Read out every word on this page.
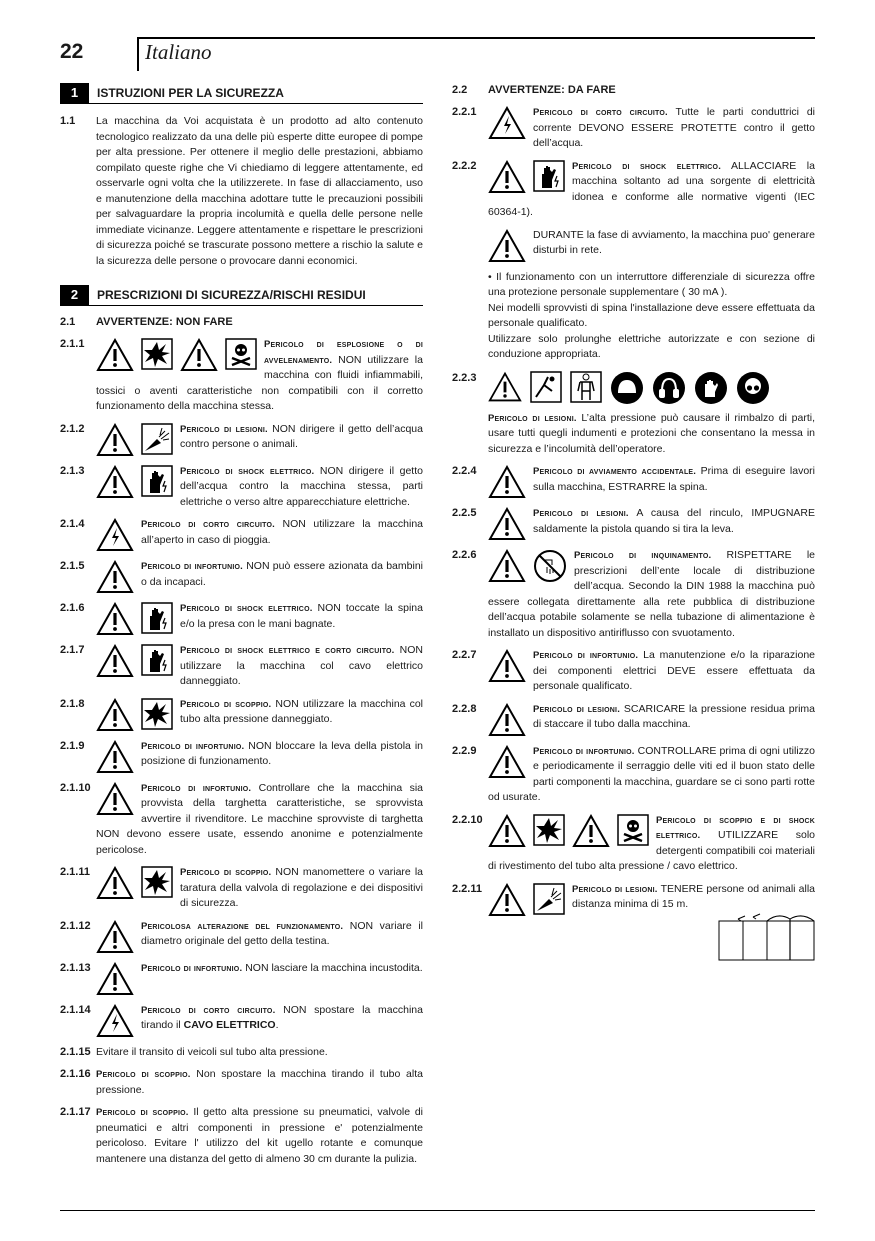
22	Italiano
1	ISTRUZIONI PER LA SICUREZZA
1.1 La macchina da Voi acquistata è un prodotto ad alto contenuto tecnologico realizzato da una delle più esperte ditte europee di pompe per alta pressione. Per ottenere il meglio delle prestazioni, abbiamo compilato queste righe che Vi chiediamo di leggere attentamente, ed osservarle ogni volta che la utilizzerete. In fase di allacciamento, uso e manutenzione della macchina adottare tutte le precauzioni possibili per salvaguardare la propria incolumità e quella delle persone nelle immediate vicinanze. Leggere attentamente e rispettare le prescrizioni di sicurezza poiché se trascurate possono mettere a rischio la salute e la sicurezza delle persone o provocare danni economici.
2	PRESCRIZIONI DI SICUREZZA/RISCHI RESIDUI
2.1	AVVERTENZE: NON FARE
2.1.1	Pericolo di esplosione o di avvelenamento. NON utilizzare la macchina con fluidi infiammabili, tossici o aventi caratteristiche non compatibili con il corretto funzionamento della macchina stessa.
2.1.2	Pericolo di lesioni. NON dirigere il getto dell’acqua contro persone o animali.
2.1.3	Pericolo di shock elettrico. NON dirigere il getto dell’acqua contro la macchina stessa, parti elettriche o verso altre apparecchiature elettriche.
2.1.4	Pericolo di corto circuito. NON utilizzare la macchina all’aperto in caso di pioggia.
2.1.5	Pericolo di infortunio. NON può essere azionata da bambini o da incapaci.
2.1.6	Pericolo di shock elettrico. NON toccate la spina e/o la presa con le mani bagnate.
2.1.7	Pericolo di shock elettrico e corto circuito. NON utilizzare la macchina col cavo elettrico danneggiato.
2.1.8	Pericolo di scoppio. NON utilizzare la macchina col tubo alta pressione danneggiato.
2.1.9	Pericolo di infortunio. NON bloccare la leva della pistola in posizione di funzionamento.
2.1.10	Pericolo di infortunio. Controllare che la macchina sia provvista della targhetta caratteristiche, se sprovvista avvertire il rivenditore. Le macchine sprovviste di targhetta NON devono essere usate, essendo anonime e potenzialmente pericolose.
2.1.11	Pericolo di scoppio. NON manomettere o variare la taratura della valvola di regolazione e dei dispositivi di sicurezza.
2.1.12	Pericolosa alterazione del funzionamento. NON variare il diametro originale del getto della testina.
2.1.13	Pericolo di infortunio. NON lasciare la macchina incustodita.
2.1.14	Pericolo di corto circuito. NON spostare la macchina tirando il CAVO ELETTRICO.
2.1.15 Evitare il transito di veicoli sul tubo alta pressione.
2.1.16 Pericolo di scoppio. Non spostare la macchina tirando il tubo alta pressione.
2.1.17 Pericolo di scoppio. Il getto alta pressione su pneumatici, valvole di pneumatici e altri componenti in pressione e' potenzialmente pericoloso. Evitare l' utilizzo del kit ugello rotante e comunque mantenere una distanza del getto di almeno 30 cm durante la pulizia.
2.2	AVVERTENZE: DA FARE
2.2.1	Pericolo di corto circuito. Tutte le parti conduttrici di corrente DEVONO ESSERE PROTETTE contro il getto dell’acqua.
2.2.2	Pericolo di shock elettrico. ALLACCIARE la macchina soltanto ad una sorgente di elettricità idonea e conforme alle normative vigenti (IEC 60364-1).
DURANTE la fase di avviamento, la macchina puo' generare disturbi in rete.
• Il funzionamento con un interruttore differenziale di sicurezza offre una protezione personale supplementare ( 30 mA ).
Nei modelli sprovvisti di spina l'installazione deve essere effettuata da personale qualificato.
Utilizzare solo prolunghe elettriche autorizzate e con sezione di conduzione appropriata.
2.2.3
Pericolo di lesioni. L’alta pressione può causare il rimbalzo di parti, usare tutti quegli indumenti e protezioni che consentano la messa in sicurezza e l’incolumità dell’operatore.
2.2.4	Pericolo di avviamento accidentale. Prima di eseguire lavori sulla macchina, ESTRARRE la spina.
2.2.5	Pericolo di lesioni. A causa del rinculo, IMPUGNARE saldamente la pistola quando si tira la leva.
2.2.6	Pericolo di inquinamento. RISPETTARE le prescrizioni dell’ente locale di distribuzione dell’acqua. Secondo la DIN 1988 la macchina può essere collegata direttamente alla rete pubblica di distribuzione dell’acqua potabile solamente se nella tubazione di alimentazione è installato un dispositivo antiriflusso con svuotamento.
2.2.7	Pericolo di infortunio. La manutenzione e/o la riparazione dei componenti elettrici DEVE essere effettuata da personale qualificato.
2.2.8	Pericolo di lesioni. SCARICARE la pressione residua prima di staccare il tubo dalla macchina.
2.2.9	Pericolo di infortunio. CONTROLLARE prima di ogni utilizzo e periodicamente il serraggio delle viti ed il buon stato delle parti componenti la macchina, guardare se ci sono parti rotte od usurate.
2.2.10	Pericolo di scoppio e di shock elettrico. UTILIZZARE solo detergenti compatibili coi materiali di rivestimento del tubo alta pressione / cavo elettrico.
2.2.11	Pericolo di lesioni. TENERE persone od animali alla distanza minima di 15 m.
